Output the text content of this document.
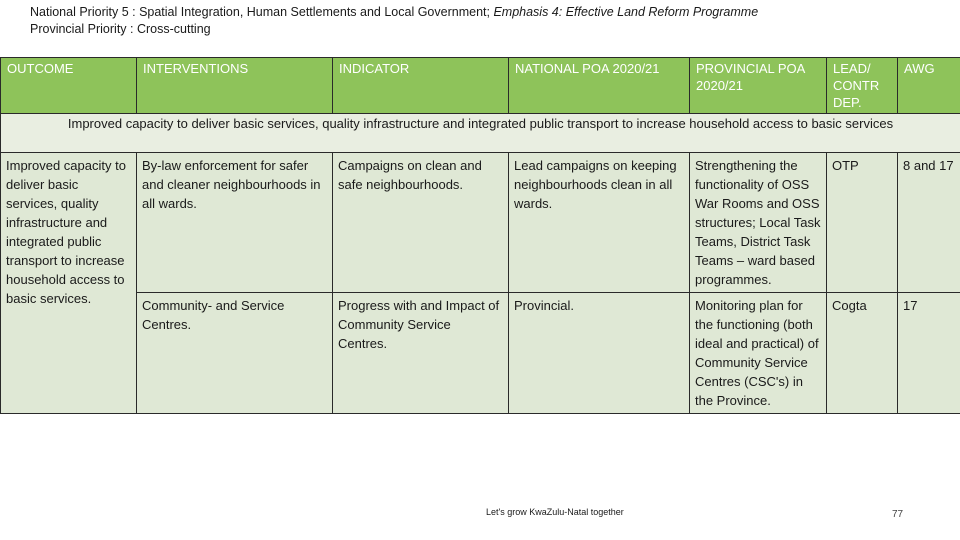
National Priority 5 : Spatial Integration, Human Settlements and Local Government; Emphasis 4: Effective Land Reform Programme
Provincial Priority : Cross-cutting
OUTCOME	INTERVENTIONS	INDICATOR	NATIONAL POA 2020/21	PROVINCIAL POA 2020/21	LEAD/ CONTR DEP.	AWG
Improved capacity to deliver basic services, quality infrastructure and integrated public transport to increase household access to basic services						
Improved capacity to deliver basic services, quality infrastructure and integrated public transport to increase household access to basic services.	By-law enforcement for safer and cleaner neighbourhoods in all wards.	Campaigns on clean and safe neighbourhoods.	Lead campaigns on keeping neighbourhoods clean in all wards.	Strengthening the functionality of OSS War Rooms and OSS structures; Local Task Teams, District Task Teams – ward based programmes.	OTP	8 and 17
	Community- and Service Centres.	Progress with and Impact of Community Service Centres.	Provincial.	Monitoring plan for the functioning (both ideal and practical) of Community Service Centres (CSC's) in the Province.	Cogta	17
Let's grow KwaZulu-Natal together	77
